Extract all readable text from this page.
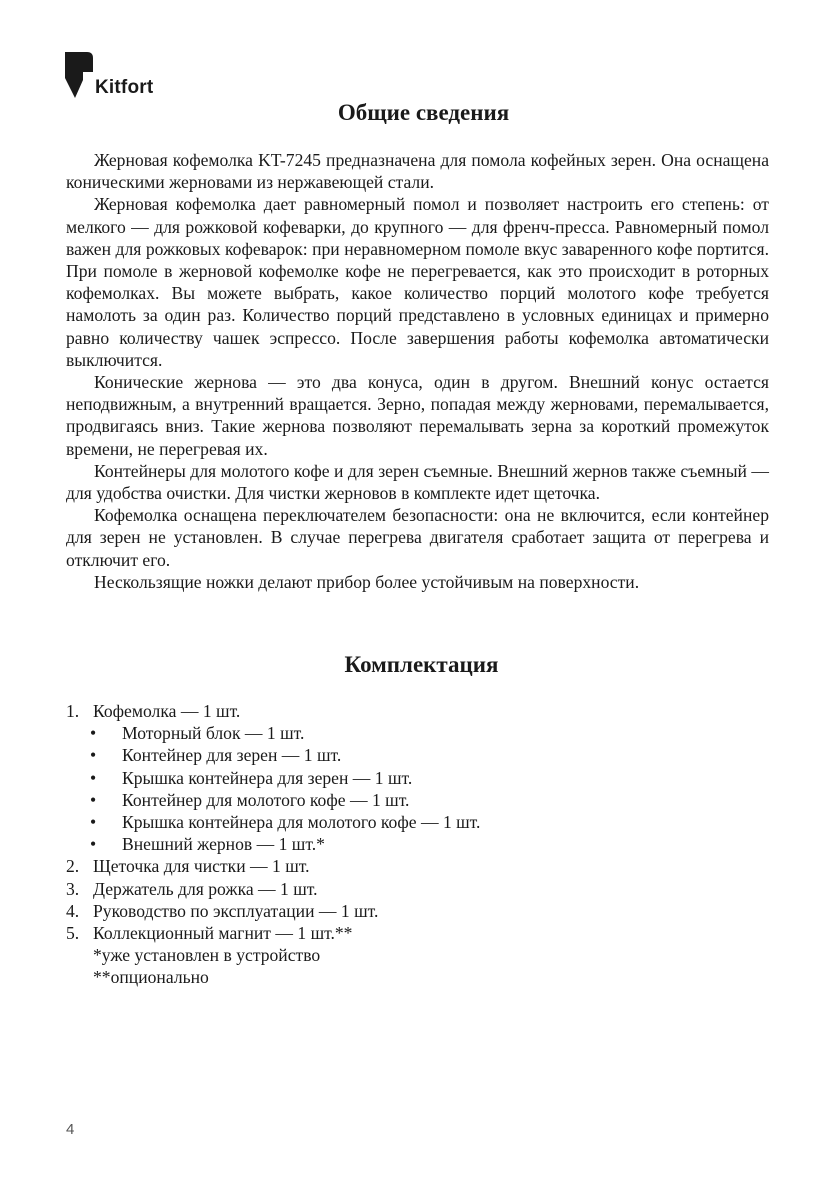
Kitfort
Общие сведения

Жерновая кофемолка KT-7245 предназначена для помола кофейных зерен. Она оснащена коническими жерновами из нержавеющей стали.

Жерновая кофемолка дает равномерный помол и позволяет настроить его степень: от мелкого — для рожковой кофеварки, до крупного — для френч-пресса. Равномерный помол важен для рожковых кофеварок: при неравномерном помоле вкус заваренного кофе портится. При помоле в жерновой кофемолке кофе не перегревается, как это происходит в роторных кофемолках. Вы можете выбрать, какое количество порций молотого кофе требуется намолоть за один раз. Количество порций представлено в условных единицах и примерно равно количеству чашек эспрессо. После завершения работы кофемолка автоматически выключится.

Конические жернова — это два конуса, один в другом. Внешний конус остается неподвижным, а внутренний вращается. Зерно, попадая между жерновами, перемалывается, продвигаясь вниз. Такие жернова позволяют перемалывать зерна за короткий промежуток времени, не перегревая их.

Контейнеры для молотого кофе и для зерен съемные. Внешний жернов также съемный — для удобства очистки. Для чистки жерновов в комплекте идет щеточка.

Кофемолка оснащена переключателем безопасности: она не включится, если контейнер для зерен не установлен. В случае перегрева двигателя сработает защита от перегрева и отключит его.

Нескользящие ножки делают прибор более устойчивым на поверхности.

Комплектация
1. Кофемолка — 1 шт.
• Моторный блок — 1 шт.
• Контейнер для зерен — 1 шт.
• Крышка контейнера для зерен — 1 шт.
• Контейнер для молотого кофе — 1 шт.
• Крышка контейнера для молотого кофе — 1 шт.
• Внешний жернов — 1 шт.*
2. Щеточка для чистки — 1 шт.
3. Держатель для рожка — 1 шт.
4. Руководство по эксплуатации — 1 шт.
5. Коллекционный магнит — 1 шт.**
*уже установлен в устройство
**опционально
4
